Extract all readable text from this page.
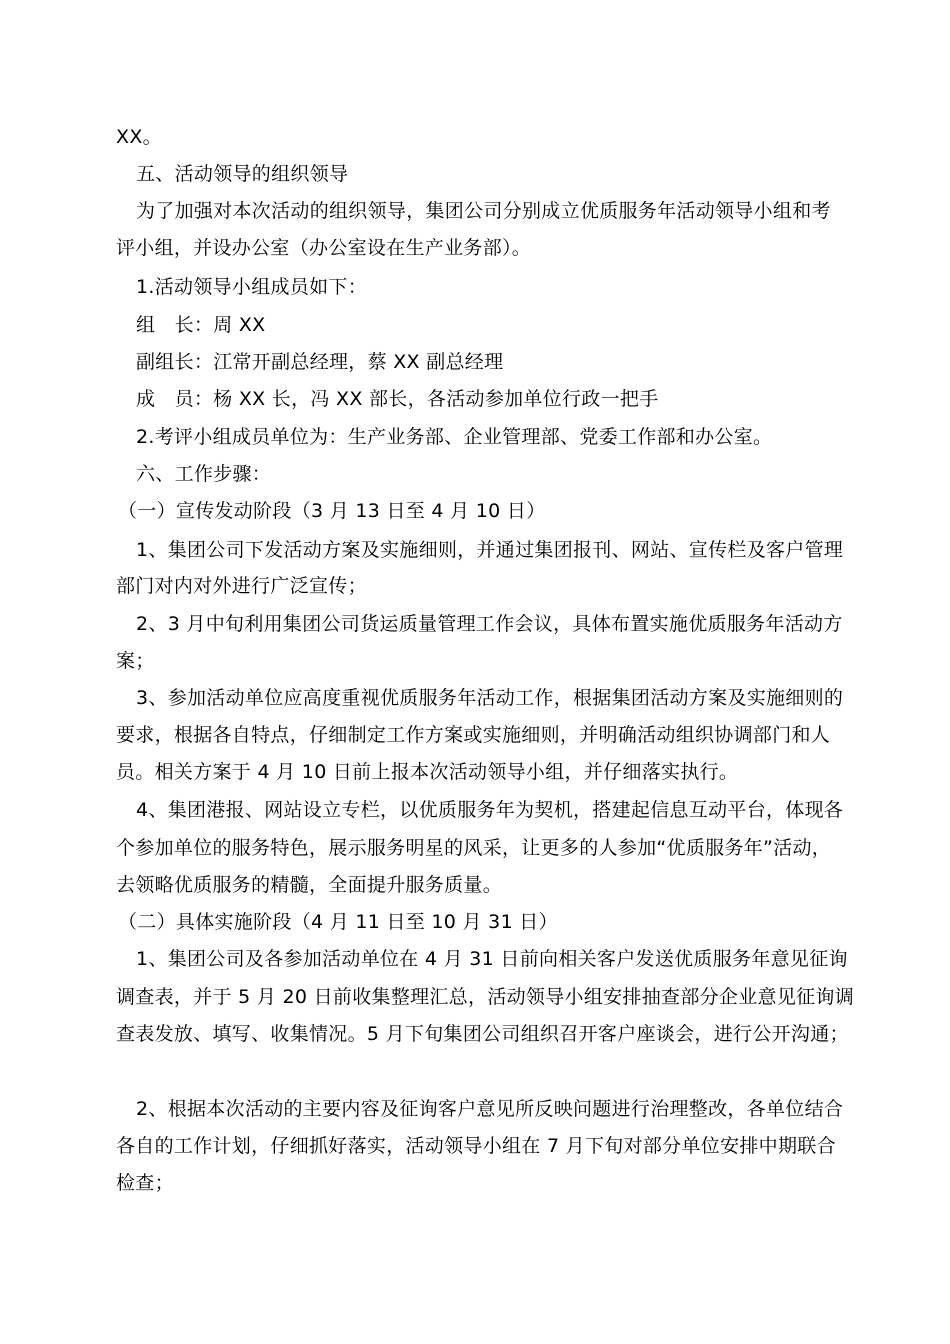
XX。
五、活动领导的组织领导
为了加强对本次活动的组织领导，集团公司分别成立优质服务年活动领导小组和考
评小组，并设办公室（办公室设在生产业务部）。
1.活动领导小组成员如下：
组　长：周 XX
副组长：江常开副总经理，蔡 XX 副总经理
成　员：杨 XX 长，冯 XX 部长，各活动参加单位行政一把手
2.考评小组成员单位为：生产业务部、企业管理部、党委工作部和办公室。
六、工作步骤：
（一）宣传发动阶段（3 月 13 日至 4 月 10 日）
1、集团公司下发活动方案及实施细则，并通过集团报刊、网站、宣传栏及客户管理
部门对内对外进行广泛宣传；
2、3 月中旬利用集团公司货运质量管理工作会议，具体布置实施优质服务年活动方
案；
3、参加活动单位应高度重视优质服务年活动工作，根据集团活动方案及实施细则的
要求，根据各自特点，仔细制定工作方案或实施细则，并明确活动组织协调部门和人
员。相关方案于 4 月 10 日前上报本次活动领导小组，并仔细落实执行。
4、集团港报、网站设立专栏，以优质服务年为契机，搭建起信息互动平台，体现各
个参加单位的服务特色，展示服务明星的风采，让更多的人参加“优质服务年”活动，
去领略优质服务的精髓，全面提升服务质量。
（二）具体实施阶段（4 月 11 日至 10 月 31 日）
1、集团公司及各参加活动单位在 4 月 31 日前向相关客户发送优质服务年意见征询
调查表，并于 5 月 20 日前收集整理汇总，活动领导小组安排抽查部分企业意见征询调
查表发放、填写、收集情况。5 月下旬集团公司组织召开客户座谈会，进行公开沟通；
2、根据本次活动的主要内容及征询客户意见所反映问题进行治理整改，各单位结合
各自的工作计划，仔细抓好落实，活动领导小组在 7 月下旬对部分单位安排中期联合
检查；
